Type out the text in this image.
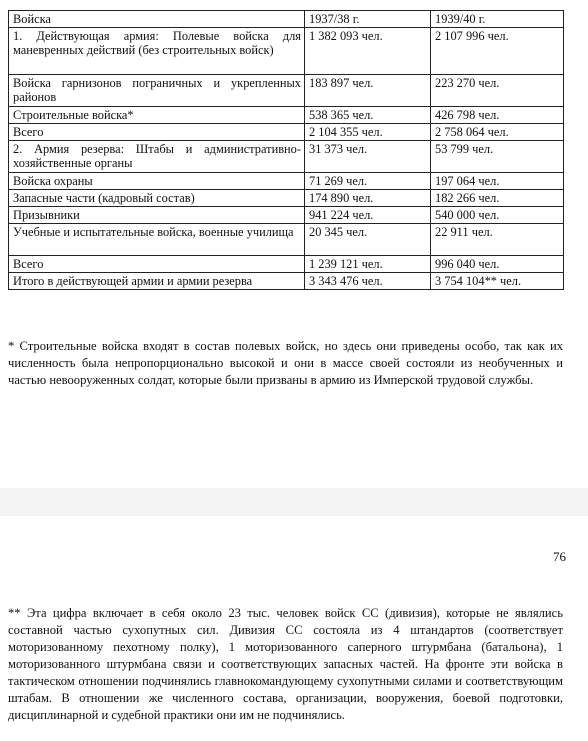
Войска	1937/38 г.	1939/40 г.
1. Действующая армия: Полевые войска для маневренных действий (без строительных войск)	1 382 093 чел.	2 107 996 чел.
Войска гарнизонов пограничных и укрепленных районов	183 897 чел.	223 270 чел.
Строительные войска*	538 365 чел.	426 798 чел.
Всего	2 104 355 чел.	2 758 064 чел.
2. Армия резерва: Штабы и административно-хозяйственные органы	31 373 чел.	53 799 чел.
Войска охраны	71 269 чел.	197 064 чел.
Запасные части (кадровый состав)	174 890 чел.	182 266 чел.
Призывники	941 224 чел.	540 000 чел.
Учебные и испытательные войска, военные училища	20 345 чел.	22 911 чел.
Всего	1 239 121 чел.	996 040 чел.
Итого в действующей армии и армии резерва	3 343 476 чел.	3 754 104** чел.

* Строительные войска входят в состав полевых войск, но здесь они приведены особо, так как их численность была непропорционально высокой и они в массе своей состояли из необученных и частью невооруженных солдат, которые были призваны в армию из Имперской трудовой службы.

76

** Эта цифра включает в себя около 23 тыс. человек войск СС (дивизия), которые не являлись составной частью сухопутных сил. Дивизия СС состояла из 4 штандартов (соответствует моторизованному пехотному полку), 1 моторизованного саперного штурмбана (батальона), 1 моторизованного штурмбана связи и соответствующих запасных частей. На фронте эти войска в тактическом отношении подчинялись главнокомандующему сухопутными силами и соответствующим штабам. В отношении же численного состава, организации, вооружения, боевой подготовки, дисциплинарной и судебной практики они им не подчинялись.
